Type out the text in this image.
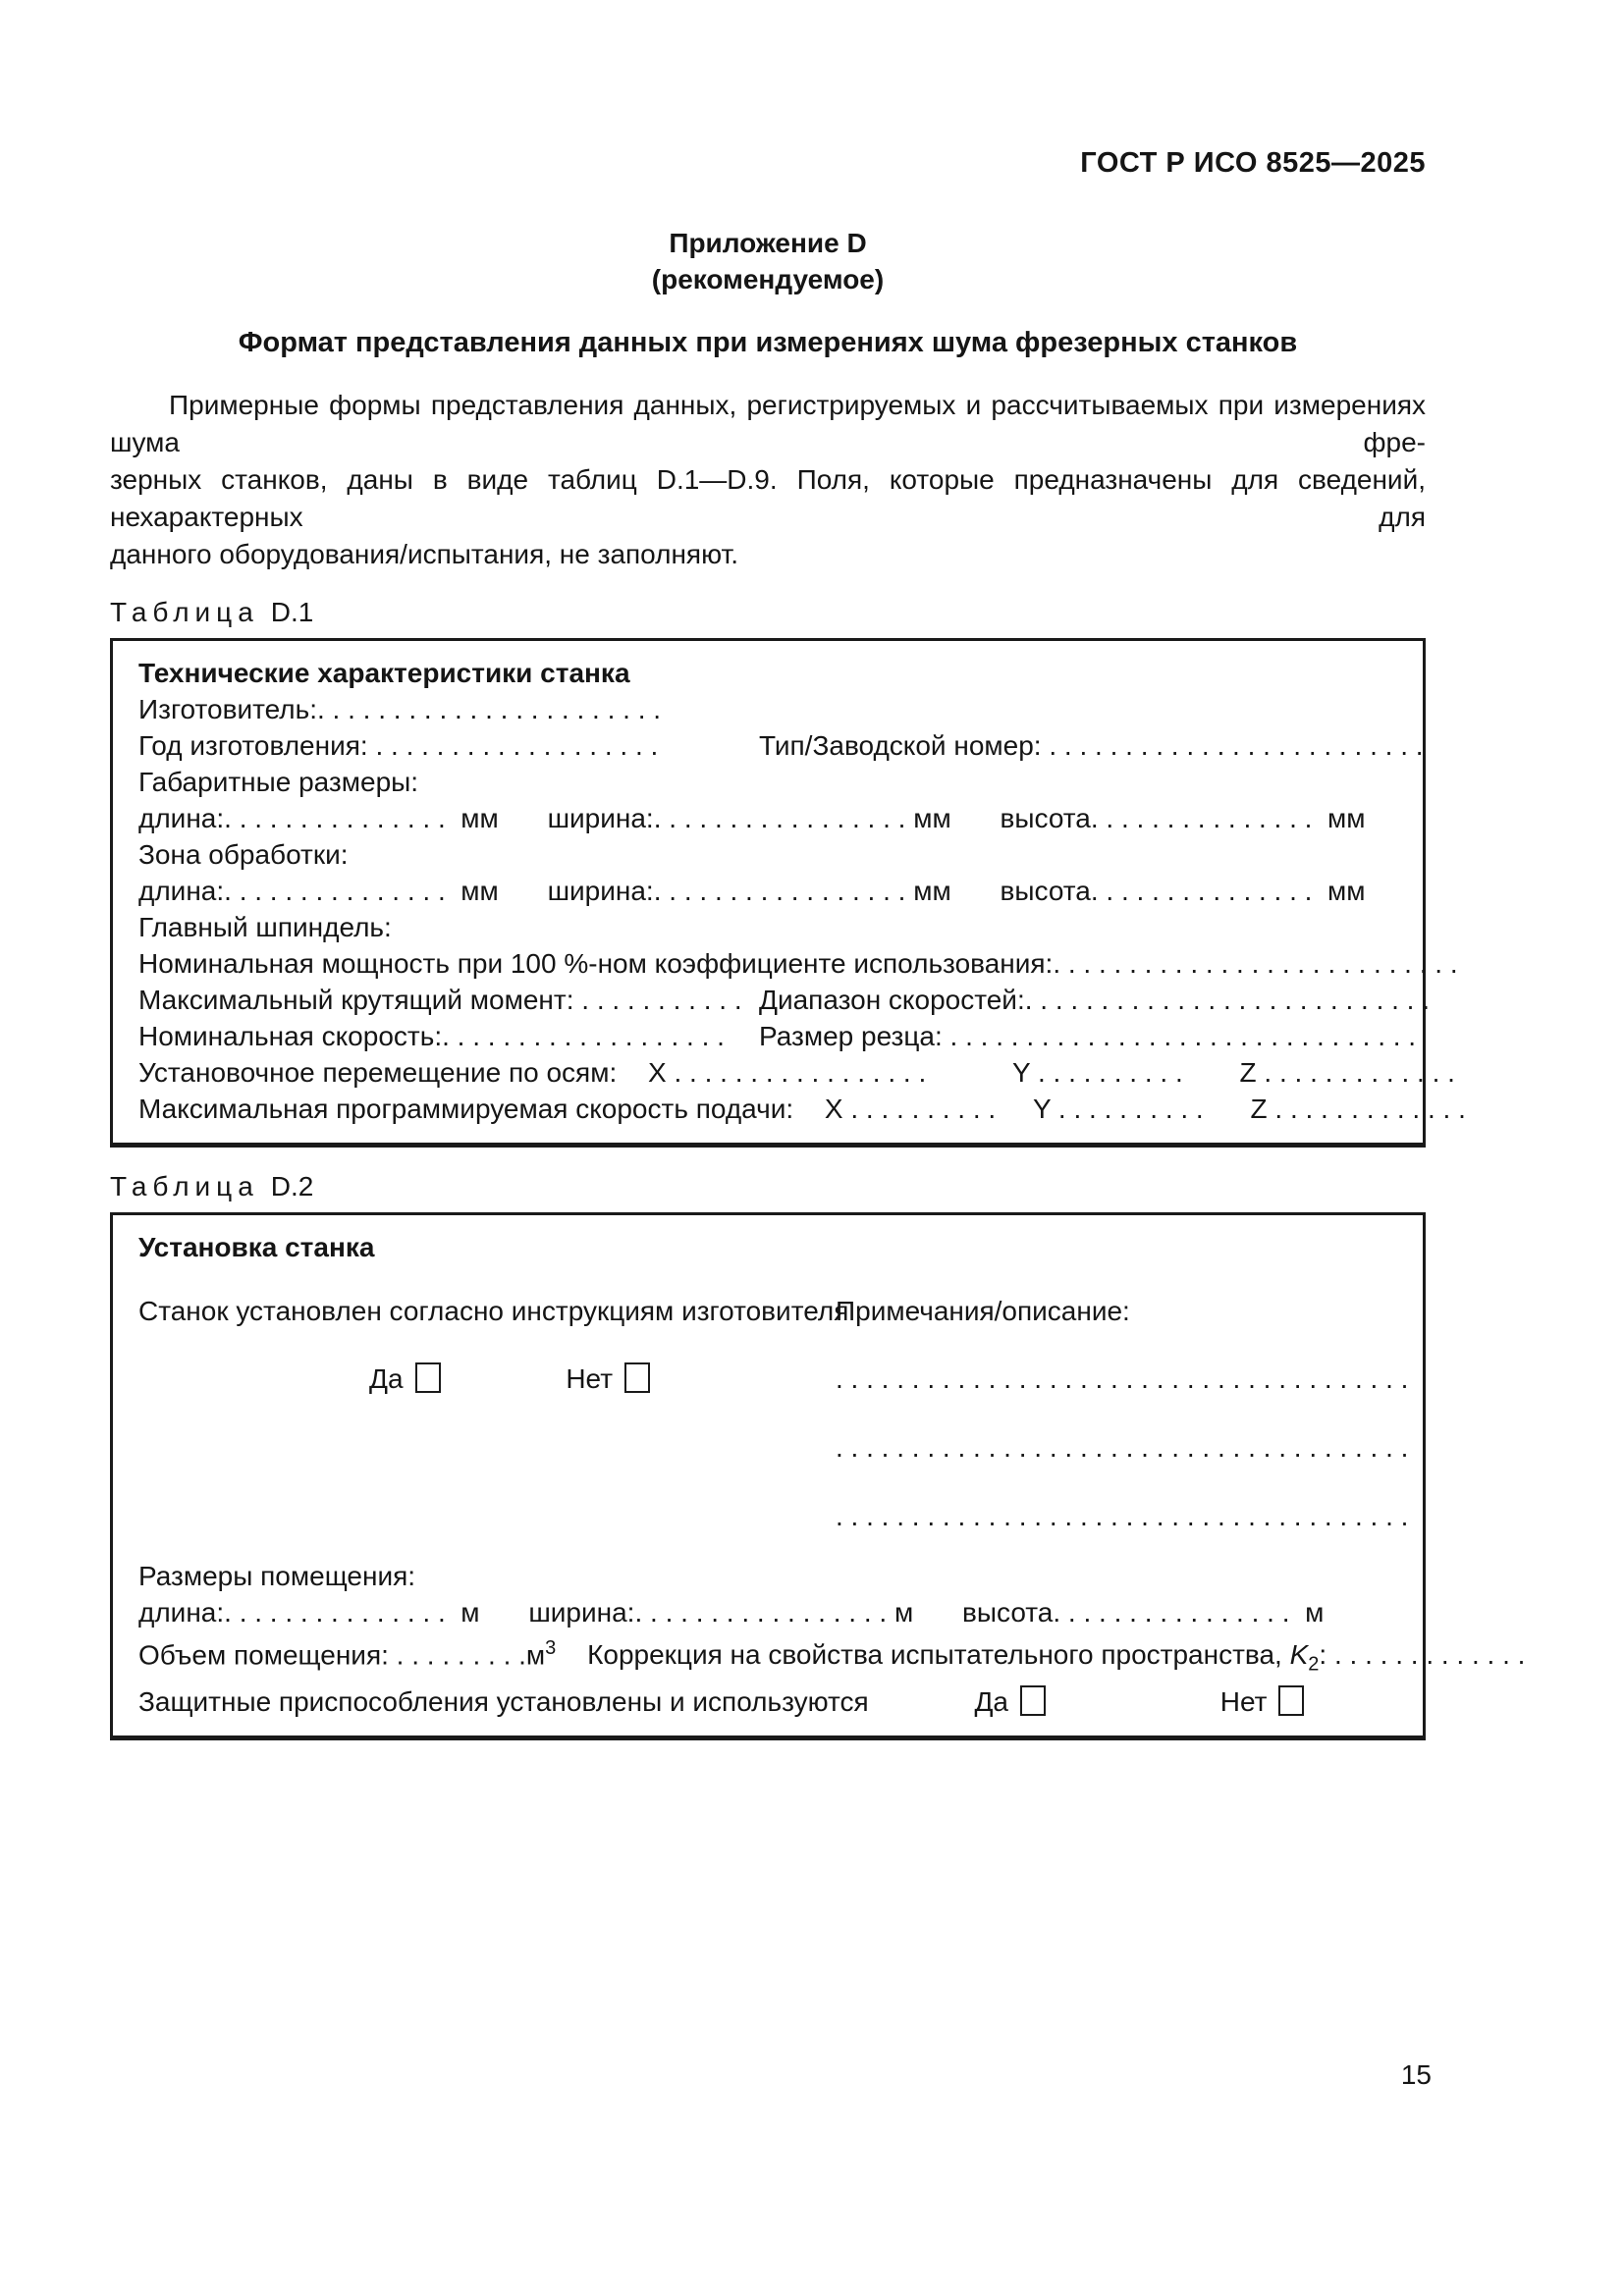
ГОСТ Р ИСО 8525—2025
Приложение D
(рекомендуемое)
Формат представления данных при измерениях шума фрезерных станков
Примерные формы представления данных, регистрируемых и рассчитываемых при измерениях шума фре-
зерных станков, даны в виде таблиц D.1—D.9. Поля, которые предназначены для сведений, нехарактерных для
данного оборудования/испытания, не заполняют.
Таблица D.1
Технические характеристики станка
Изготовитель:. . . . . . . . . . . . . . . . . . . . . . .
Год изготовления: . . . . . . . . . . . . . . . . . . .	Тип/Заводской номер: . . . . . . . . . . . . . . . . . . . . . . . . .
Габаритные размеры:
длина:. . . . . . . . . . . . . . .  мм ширина:. . . . . . . . . . . . . . . . . мм высота. . . . . . . . . . . . . . .  мм
Зона обработки:
длина:. . . . . . . . . . . . . . .  мм ширина:. . . . . . . . . . . . . . . . . мм высота. . . . . . . . . . . . . . .  мм
Главный шпиндель:
Номинальная мощность при 100 %-ном коэффициенте использования:. . . . . . . . . . . . . . . . . . . . . . . . . . .
Максимальный крутящий момент: . . . . . . . . . . . Диапазон скоростей:. . . . . . . . . . . . . . . . . . . . . . . . . . .
Номинальная скорость:. . . . . . . . . . . . . . . . . . .	Размер резца: . . . . . . . . . . . . . . . . . . . . . . . . . . . . . . .
Установочное перемещение по осям: X . . . . . . . . . . . . . . . . .	Y . . . . . . . . . . Z . . . . . . . . . . . . .
Максимальная программируемая скорость подачи: X . . . . . . . . . . Y . . . . . . . . . . Z . . . . . . . . . . . . .
Таблица D.2
Установка станка
Станок установлен согласно инструкциям изготовителя
Примечания/описание:
Да	Нет	. . . . . . . . . . . . . . . . . . . . . . . . . . . . . . . . . . . . . .
. . . . . . . . . . . . . . . . . . . . . . . . . . . . . . . . . . . . . .
. . . . . . . . . . . . . . . . . . . . . . . . . . . . . . . . . . . . . .
Размеры помещения:
длина:. . . . . . . . . . . . . . .  м ширина:. . . . . . . . . . . . . . . . . м высота. . . . . . . . . . . . . . . .  м
Объем помещения: . . . . . . . . $.м^3$ Коррекция на свойства испытательного пространства, $K_2$: . . . . . . . . . . . . .
Защитные приспособления установлены и используются	Да	Нет
15
